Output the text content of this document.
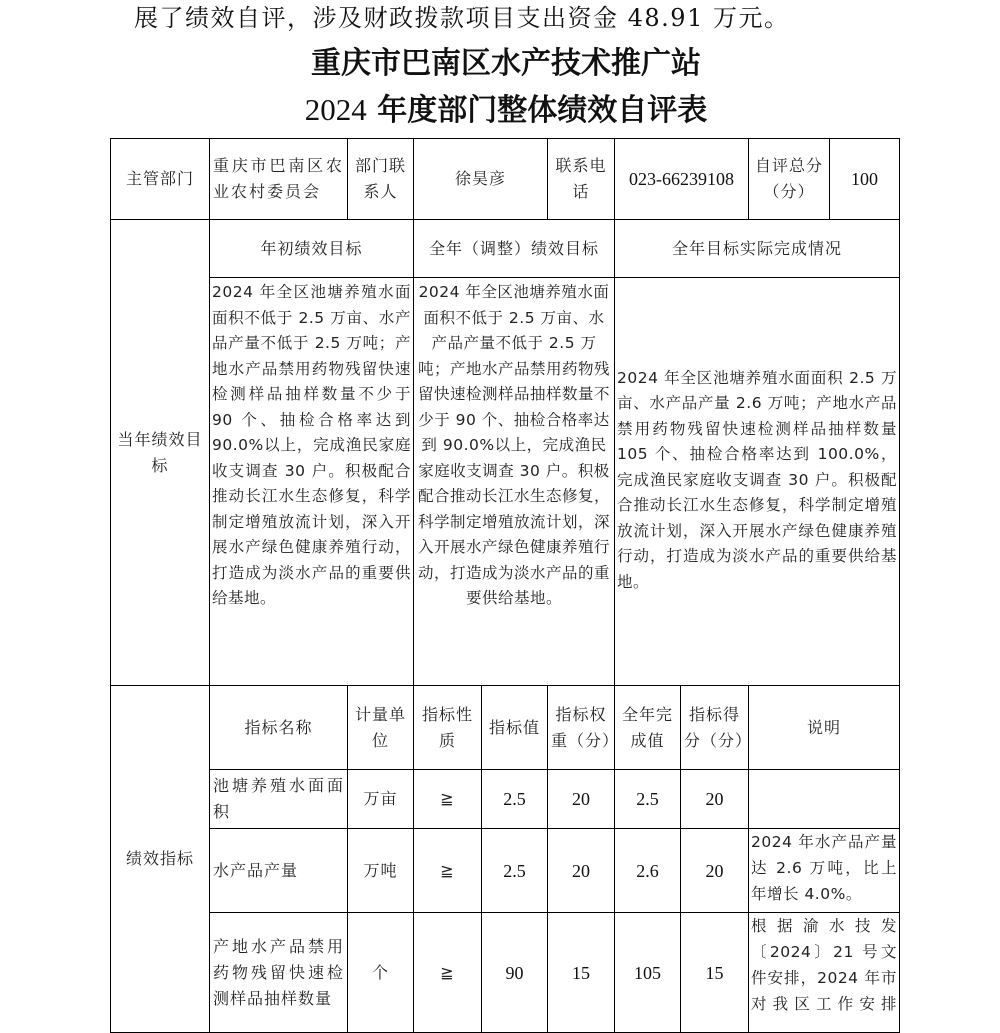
展了绩效自评，涉及财政拨款项目支出资金 48.91 万元。
重庆市巴南区水产技术推广站
2024 年度部门整体绩效自评表
主管部门	重庆市巴南区农业农村委员会	部门联系人	徐昊彦		联系电话	023-66239108		自评总分（分）	100
当年绩效目标	年初绩效目标		全年（调整）绩效目标			全年目标实际完成情况			
	2024 年全区池塘养殖水面面积不低于 2.5 万亩、水产品产量不低于 2.5 万吨；产地水产品禁用药物残留快速检测样品抽样数量不少于 90 个、抽检合格率达到 90.0%以上，完成渔民家庭收支调查 30 户。积极配合推动长江水生态修复，科学制定增殖放流计划，深入开展水产绿色健康养殖行动，打造成为淡水产品的重要供给基地。		2024 年全区池塘养殖水面面积不低于 2.5 万亩、水产品产量不低于 2.5 万吨；产地水产品禁用药物残留快速检测样品抽样数量不少于 90 个、抽检合格率达到 90.0%以上，完成渔民家庭收支调查 30 户。积极配合推动长江水生态修复，科学制定增殖放流计划，深入开展水产绿色健康养殖行动，打造成为淡水产品的重要供给基地。			2024 年全区池塘养殖水面面积 2.5 万亩、水产品产量 2.6 万吨；产地水产品禁用药物残留快速检测样品抽样数量 105 个、抽检合格率达到 100.0%，完成渔民家庭收支调查 30 户。积极配合推动长江水生态修复，科学制定增殖放流计划，深入开展水产绿色健康养殖行动，打造成为淡水产品的重要供给基地。			
绩效指标	指标名称	计量单位	指标性质	指标值	指标权重（分）	全年完成值	指标得分（分）	说明	
	池塘养殖水面面积	万亩	≧	2.5	20	2.5	20		
	水产品产量	万吨	≧	2.5	20	2.6	20	2024 年水产品产量达 2.6 万吨，比上年增长 4.0%。	
	产地水产品禁用药物残留快速检测样品抽样数量	个	≧	90	15	105	15	根据渝水技发〔2024〕21 号文件安排，2024 年市对我区工作安排	
